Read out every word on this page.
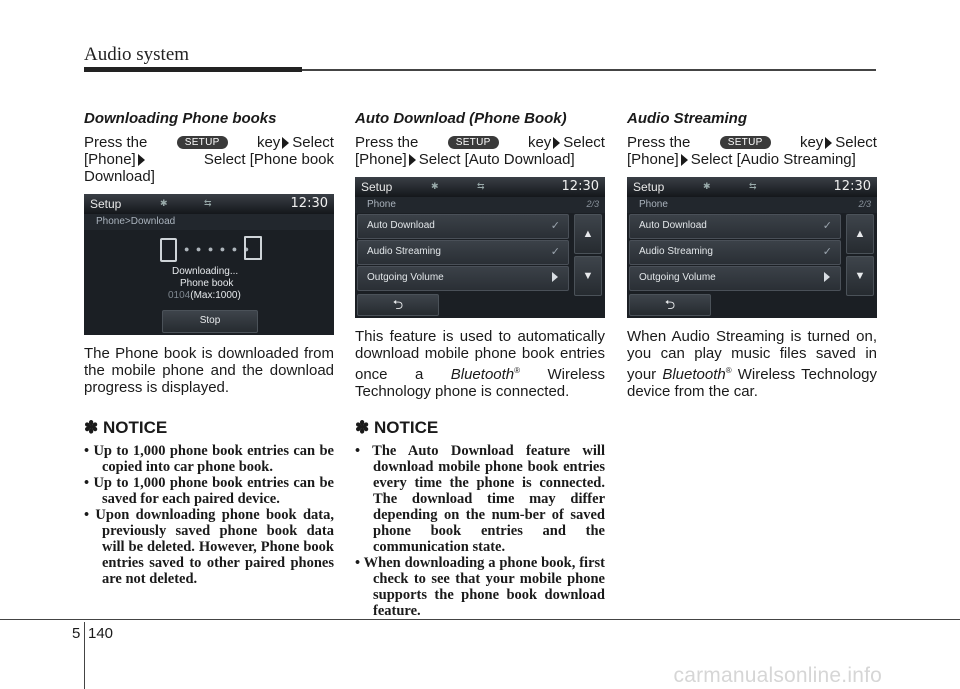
Audio system
Downloading Phone books
Press the	SETUP	key Select
[Phone]	Select [Phone book
Download]
Setup	✱	⇆	12:30
Phone>Download
● ● ● ● ● ●
Downloading...
Phone book
0104(Max:1000)
Stop
The Phone book is downloaded from the mobile phone and the download progress is displayed.
✽ NOTICE
• Up to 1,000 phone book entries can be copied into car phone book.
• Up to 1,000 phone book entries can be saved for each paired device.
• Upon downloading phone book data, previously saved phone book data will be deleted. However, Phone book entries saved to other paired phones are not deleted.
Auto Download (Phone Book)
Press the	SETUP	key Select
[Phone] Select [Auto Download]
Setup	✱	⇆	12:30
Phone	2/3
Auto Download	✓
Audio Streaming	✓
Outgoing Volume
▲
▼
⮌
This feature is used to automatically download mobile phone book entries once a Bluetooth® Wireless Technology phone is connected.
✽ NOTICE
• The Auto Download feature will download mobile phone book entries every time the phone is connected. The download time may differ depending on the num-ber of saved phone book entries and the communication state.
• When downloading a phone book, first check to see that your mobile phone supports the phone book download feature.
Audio Streaming
Press the	SETUP	key Select
[Phone] Select [Audio Streaming]
Setup	✱	⇆	12:30
Phone	2/3
Auto Download	✓
Audio Streaming	✓
Outgoing Volume
▲
▼
⮌
When Audio Streaming is turned on, you can play music files saved in your Bluetooth® Wireless Technology device from the car.
5 140
carmanualsonline.info
